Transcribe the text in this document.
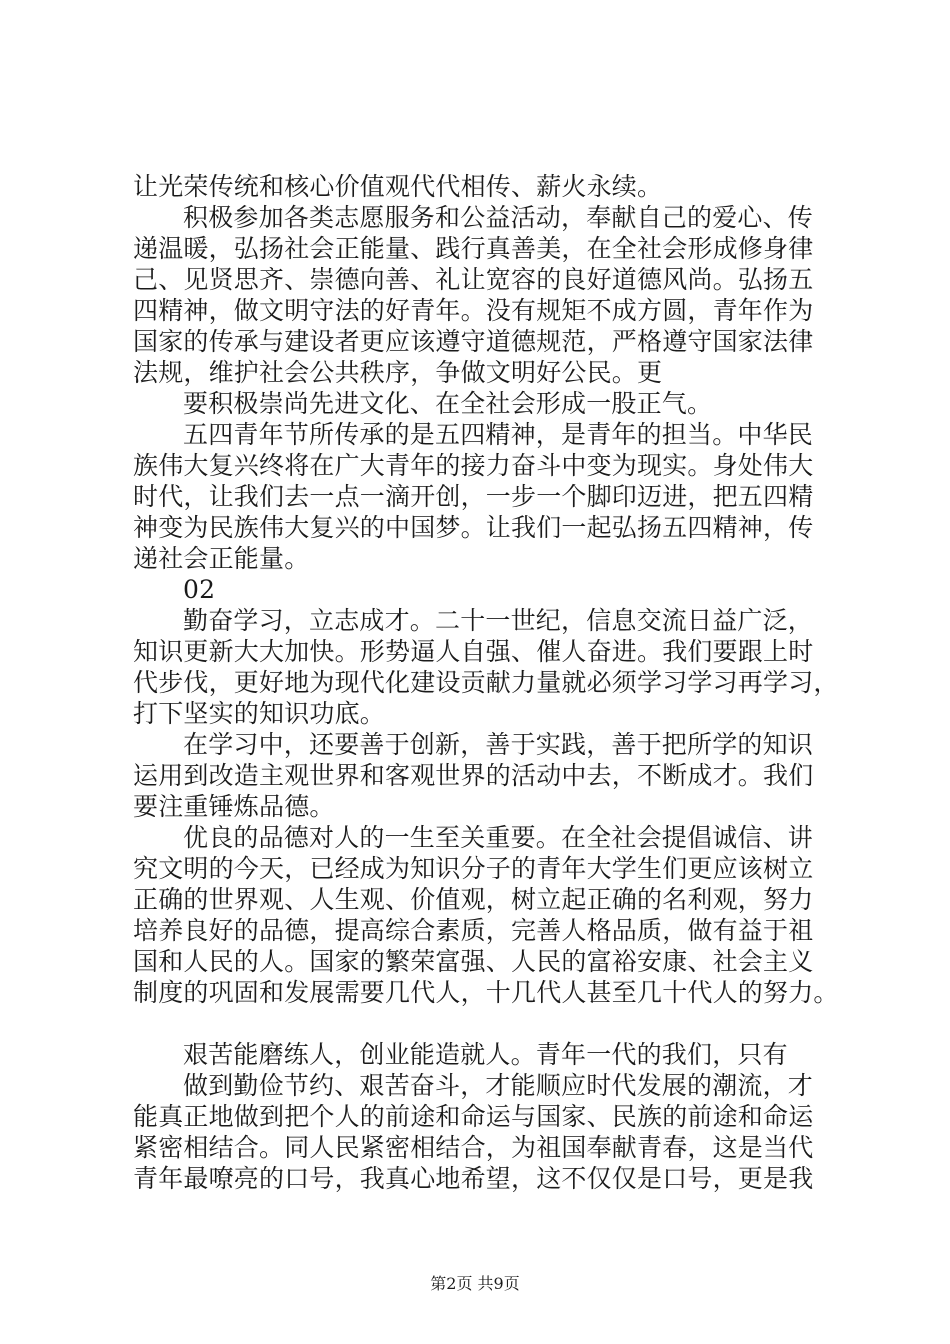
让光荣传统和核心价值观代代相传、薪火永续。
积极参加各类志愿服务和公益活动，奉献自己的爱心、传
递温暖，弘扬社会正能量、践行真善美，在全社会形成修身律
己、见贤思齐、崇德向善、礼让宽容的良好道德风尚。弘扬五
四精神，做文明守法的好青年。没有规矩不成方圆，青年作为
国家的传承与建设者更应该遵守道德规范，严格遵守国家法律
法规，维护社会公共秩序，争做文明好公民。更
要积极崇尚先进文化、在全社会形成一股正气。
五四青年节所传承的是五四精神，是青年的担当。中华民
族伟大复兴终将在广大青年的接力奋斗中变为现实。身处伟大
时代，让我们去一点一滴开创，一步一个脚印迈进，把五四精
神变为民族伟大复兴的中国梦。让我们一起弘扬五四精神，传
递社会正能量。
02
勤奋学习，立志成才。二十一世纪，信息交流日益广泛，
知识更新大大加快。形势逼人自强、催人奋进。我们要跟上时
代步伐，更好地为现代化建设贡献力量就必须学习学习再学习，
打下坚实的知识功底。
在学习中，还要善于创新，善于实践，善于把所学的知识
运用到改造主观世界和客观世界的活动中去，不断成才。我们
要注重锤炼品德。
优良的品德对人的一生至关重要。在全社会提倡诚信、讲
究文明的今天，已经成为知识分子的青年大学生们更应该树立
正确的世界观、人生观、价值观，树立起正确的名利观，努力
培养良好的品德，提高综合素质，完善人格品质，做有益于祖
国和人民的人。国家的繁荣富强、人民的富裕安康、社会主义
制度的巩固和发展需要几代人，十几代人甚至几十代人的努力。
艰苦能磨练人，创业能造就人。青年一代的我们，只有
做到勤俭节约、艰苦奋斗，才能顺应时代发展的潮流，才
能真正地做到把个人的前途和命运与国家、民族的前途和命运
紧密相结合。同人民紧密相结合，为祖国奉献青春，这是当代
青年最嘹亮的口号，我真心地希望，这不仅仅是口号，更是我
第2页 共9页
